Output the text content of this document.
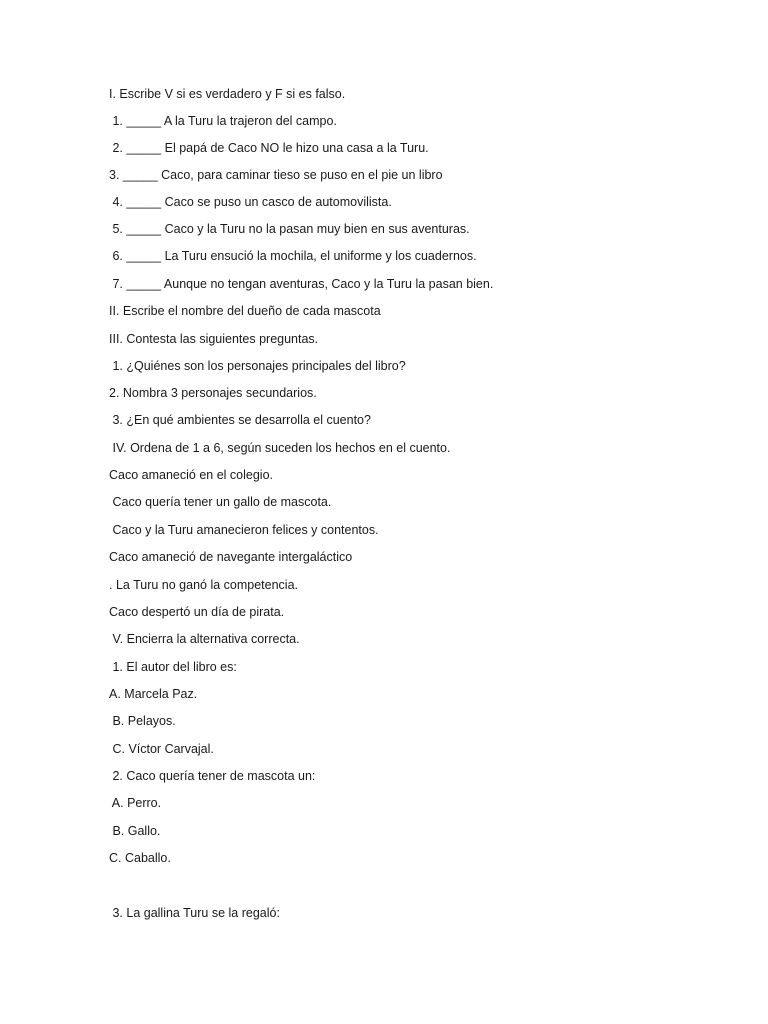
I. Escribe V si es verdadero y F si es falso.

1. _____ A la Turu la trajeron del campo.

2. _____ El papá de Caco NO le hizo una casa a la Turu.

3. _____ Caco, para caminar tieso se puso en el pie un libro

4. _____ Caco se puso un casco de automovilista.

5. _____ Caco y la Turu no la pasan muy bien en sus aventuras.

6. _____ La Turu ensució la mochila, el uniforme y los cuadernos.

7. _____ Aunque no tengan aventuras, Caco y la Turu la pasan bien.

II. Escribe el nombre del dueño de cada mascota

III. Contesta las siguientes preguntas.

1. ¿Quiénes son los personajes principales del libro?

2. Nombra 3 personajes secundarios.

3. ¿En qué ambientes se desarrolla el cuento?

IV. Ordena de 1 a 6, según suceden los hechos en el cuento.

Caco amaneció en el colegio.

Caco quería tener un gallo de mascota.

Caco y la Turu amanecieron felices y contentos.

Caco amaneció de navegante intergaláctico

. La Turu no ganó la competencia.

Caco despertó un día de pirata.

V. Encierra la alternativa correcta.

1. El autor del libro es:

A. Marcela Paz.

B. Pelayos.

C. Víctor Carvajal.

2. Caco quería tener de mascota un:

A. Perro.

B. Gallo.

C. Caballo.

3. La gallina Turu se la regaló:
